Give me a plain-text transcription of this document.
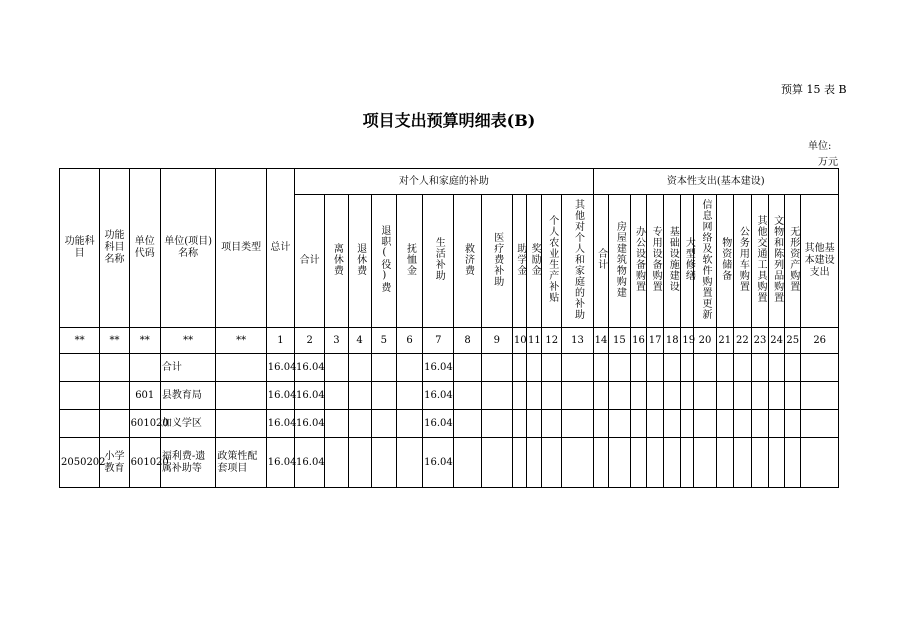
预算 15 表 B
项目支出预算明细表(B)
单位:
万元
功能科目	功能科目名称	单位代码	单位(项目)名称	项目类型	总计	对个人和家庭的补助												资本性支出(基本建设)												
						合计	离休费	退休费	退职(役)费	抚恤金	生活补助	救济费	医疗费补助	助学金	奖励金	个人农业生产补贴	其他对个人和家庭的补助	合计	房屋建筑物购建	办公设备购置	专用设备购置	基础设施建设	大型修缮	信息网络及软件购置更新	物资储备	公务用车购置	其他交通工具购置	文物和陈列品购置	无形资产购置	其他基本建设支出
**	**	**	**	**	1	2	3	4	5	6	7	8	9	10	11	12	13	14	15	16	17	18	19	20	21	22	23	24	25	26
			合计		16.04	16.04					16.04																			
		601	县教育局		16.04	16.04					16.04																			
		601020	加义学区		16.04	16.04					16.04																			
2050202	小学教育	601020	福利费-遗属补助等	政策性配套项目	16.04	16.04					16.04																			
